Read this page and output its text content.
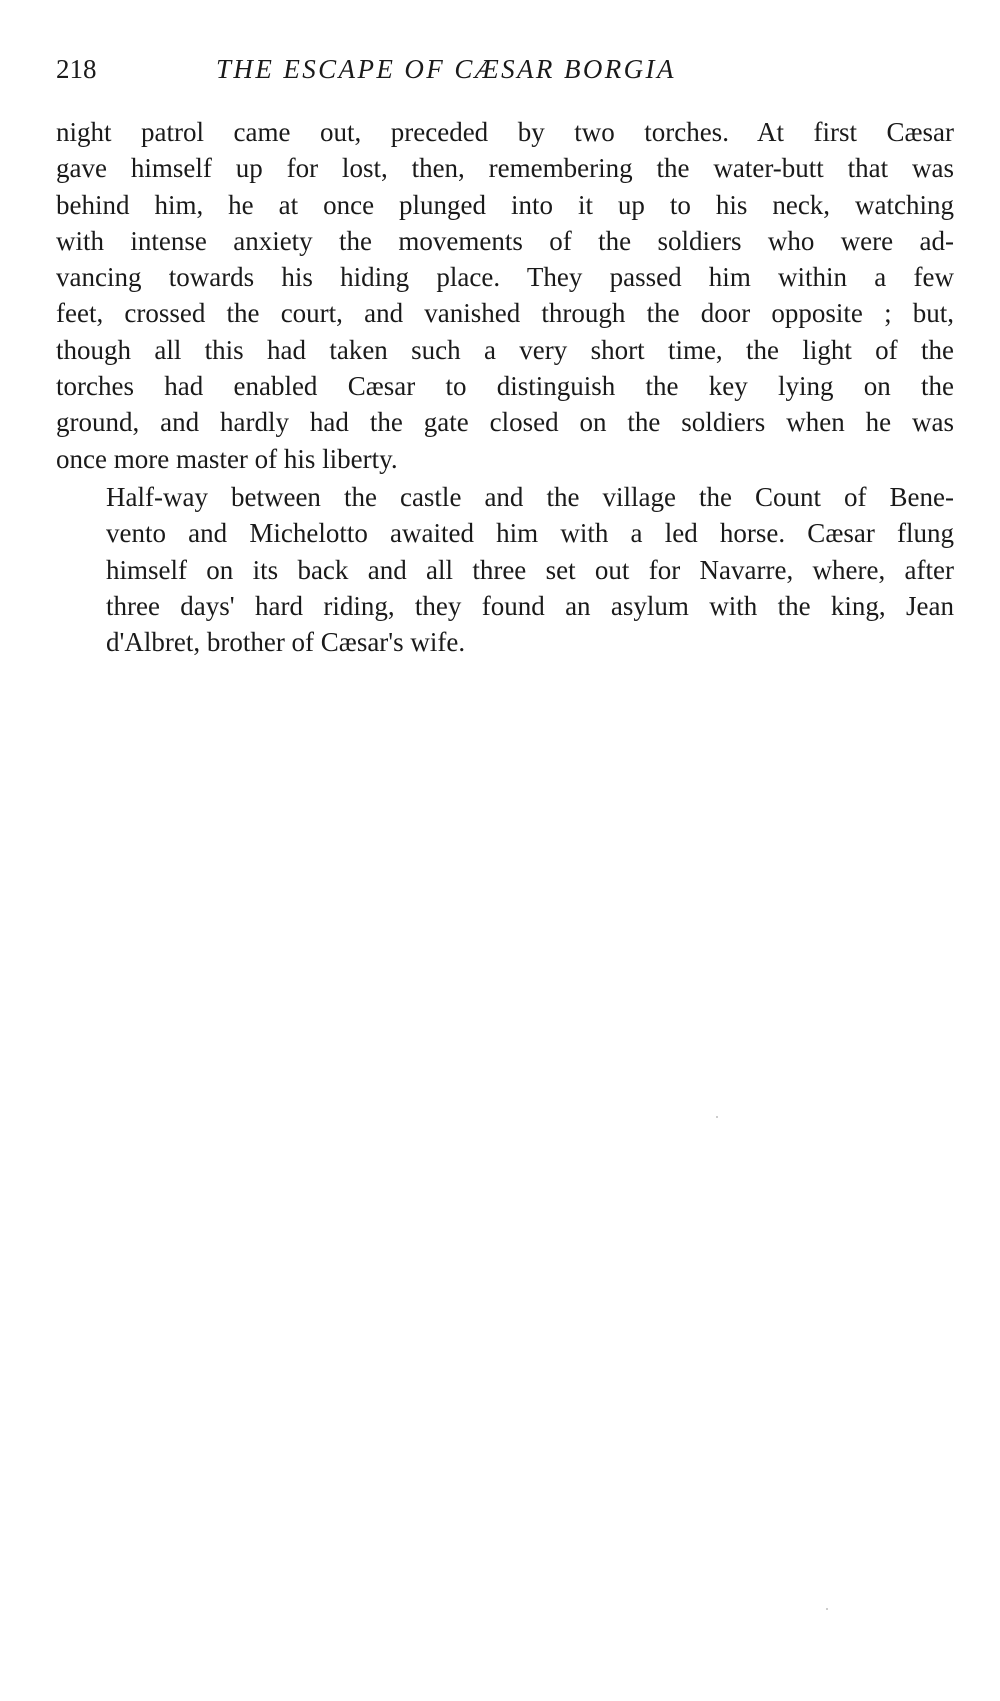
218	THE ESCAPE OF CÆSAR BORGIA

night patrol came out, preceded by two torches. At first Cæsar
gave himself up for lost, then, remembering the water-butt that was
behind him, he at once plunged into it up to his neck, watching
with intense anxiety the movements of the soldiers who were ad-
vancing towards his hiding place. They passed him within a few
feet, crossed the court, and vanished through the door opposite ; but,
though all this had taken such a very short time, the light of the
torches had enabled Cæsar to distinguish the key lying on the
ground, and hardly had the gate closed on the soldiers when he was
once more master of his liberty.

Half-way between the castle and the village the Count of Bene-
vento and Michelotto awaited him with a led horse. Cæsar flung
himself on its back and all three set out for Navarre, where, after
three days' hard riding, they found an asylum with the king, Jean
d'Albret, brother of Cæsar's wife.
